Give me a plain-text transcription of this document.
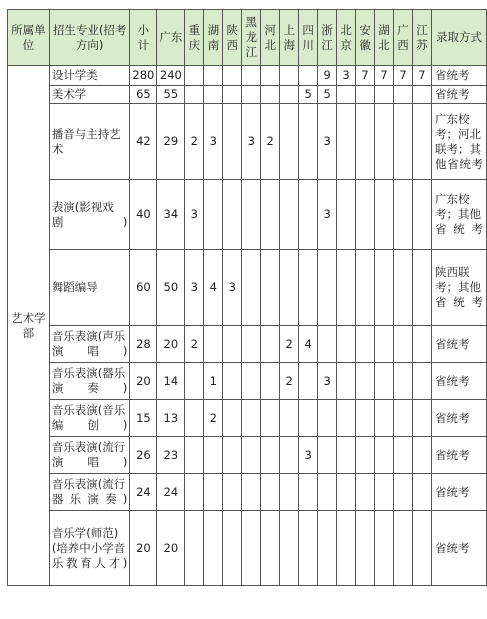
所属单位	招生专业(招考方向)	小计	广东	重庆	湖南	陕西	黑龙江	河北	上海	四川	浙江	北京	安徽	湖北	广西	江苏	录取方式
艺术学部	设计学类	280	240								9	3	7	7	7	7	省统考
	美术学	65	55							5	5						省统考
	播音与主持艺术	42	29	2	3		3	2			3						广东校考；河北联考；其他省统考
	表演(影视戏剧)	40	34	3							3						广东校考；其他省统考
	舞蹈编导	60	50	3	4	3											陕西联考；其他省统考
	音乐表演(声乐演唱)	28	20	2					2	4							省统考
	音乐表演(器乐演奏)	20	14		1				2		3						省统考
	音乐表演(音乐编创)	15	13		2												省统考
	音乐表演(流行演唱)	26	23							3							省统考
	音乐表演(流行器乐演奏)	24	24														省统考
	音乐学(师范)(培养中小学音乐教育人才)	20	20														省统考
